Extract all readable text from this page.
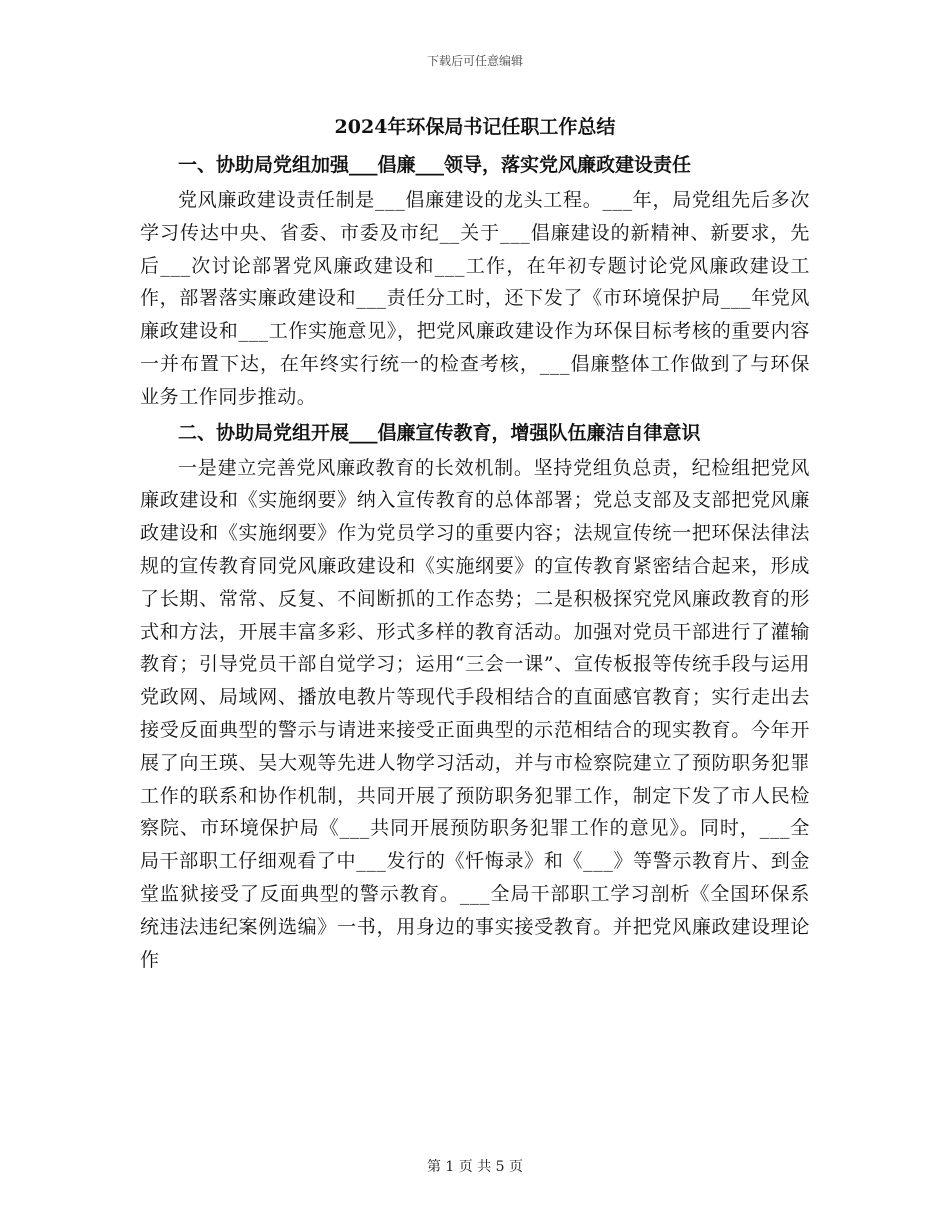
下载后可任意编辑
2024年环保局书记任职工作总结
一、协助局党组加强___倡廉___领导，落实党风廉政建设责任

党风廉政建设责任制是___倡廉建设的龙头工程。___年，局党组先后多次学习传达中央、省委、市委及市纪__关于___倡廉建设的新精神、新要求，先后___次讨论部署党风廉政建设和___工作，在年初专题讨论党风廉政建设工作，部署落实廉政建设和___责任分工时，还下发了《市环境保护局___年党风廉政建设和___工作实施意见》，把党风廉政建设作为环保目标考核的重要内容一并布置下达，在年终实行统一的检查考核，___倡廉整体工作做到了与环保业务工作同步推动。

二、协助局党组开展___倡廉宣传教育，增强队伍廉洁自律意识

一是建立完善党风廉政教育的长效机制。坚持党组负总责，纪检组把党风廉政建设和《实施纲要》纳入宣传教育的总体部署；党总支部及支部把党风廉政建设和《实施纲要》作为党员学习的重要内容；法规宣传统一把环保法律法规的宣传教育同党风廉政建设和《实施纲要》的宣传教育紧密结合起来，形成了长期、常常、反复、不间断抓的工作态势；二是积极探究党风廉政教育的形式和方法，开展丰富多彩、形式多样的教育活动。加强对党员干部进行了灌输教育；引导党员干部自觉学习；运用“三会一课”、宣传板报等传统手段与运用党政网、局域网、播放电教片等现代手段相结合的直面感官教育；实行走出去接受反面典型的警示与请进来接受正面典型的示范相结合的现实教育。今年开展了向王瑛、吴大观等先进人物学习活动，并与市检察院建立了预防职务犯罪工作的联系和协作机制，共同开展了预防职务犯罪工作，制定下发了市人民检察院、市环境保护局《___共同开展预防职务犯罪工作的意见》。同时，___全局干部职工仔细观看了中___发行的《忏悔录》和《___》等警示教育片、到金堂监狱接受了反面典型的警示教育。___全局干部职工学习剖析《全国环保系统违法违纪案例选编》一书，用身边的事实接受教育。并把党风廉政建设理论作

第 1 页 共 5 页
